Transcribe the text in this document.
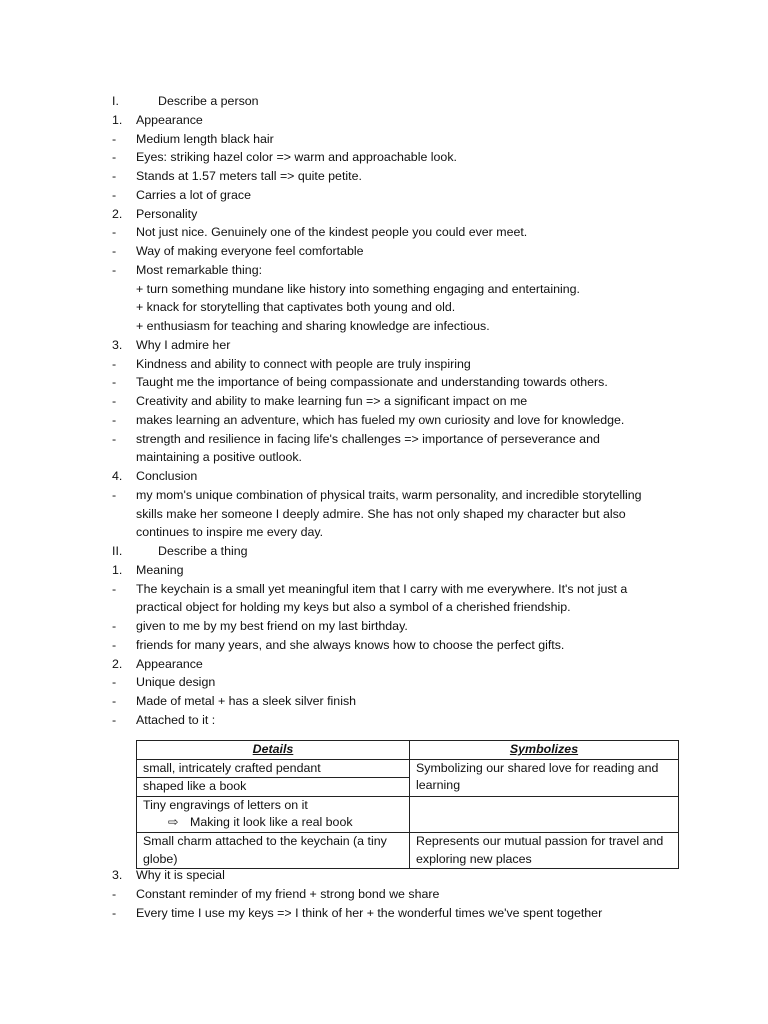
I.	Describe a person
1. Appearance
- Medium length black hair
- Eyes: striking hazel color => warm and approachable look.
- Stands at 1.57 meters tall => quite petite.
- Carries a lot of grace
2. Personality
- Not just nice. Genuinely one of the kindest people you could ever meet.
- Way of making everyone feel comfortable
- Most remarkable thing:
+ turn something mundane like history into something engaging and entertaining.
+ knack for storytelling that captivates both young and old.
+ enthusiasm for teaching and sharing knowledge are infectious.
3. Why I admire her
- Kindness and ability to connect with people are truly inspiring
- Taught me the importance of being compassionate and understanding towards others.
- Creativity and ability to make learning fun => a significant impact on me
- makes learning an adventure, which has fueled my own curiosity and love for knowledge.
- strength and resilience in facing life's challenges => importance of perseverance and
maintaining a positive outlook.
4. Conclusion
- my mom's unique combination of physical traits, warm personality, and incredible storytelling
skills make her someone I deeply admire. She has not only shaped my character but also
continues to inspire me every day.
II.	Describe a thing
1. Meaning
- The keychain is a small yet meaningful item that I carry with me everywhere. It's not just a
practical object for holding my keys but also a symbol of a cherished friendship.
- given to me by my best friend on my last birthday.
- friends for many years, and she always knows how to choose the perfect gifts.
2. Appearance
- Unique design
- Made of metal + has a sleek silver finish
- Attached to it :
Details	Symbolizes
small, intricately crafted pendant	Symbolizing our shared love for reading and learning
shaped like a book	
Tiny engravings of letters on it
⇨ Making it look like a real book	

Small charm attached to the keychain (a tiny globe)	Represents our mutual passion for travel and exploring new places
3. Why it is special
- Constant reminder of my friend + strong bond we share
- Every time I use my keys => I think of her + the wonderful times we've spent together
